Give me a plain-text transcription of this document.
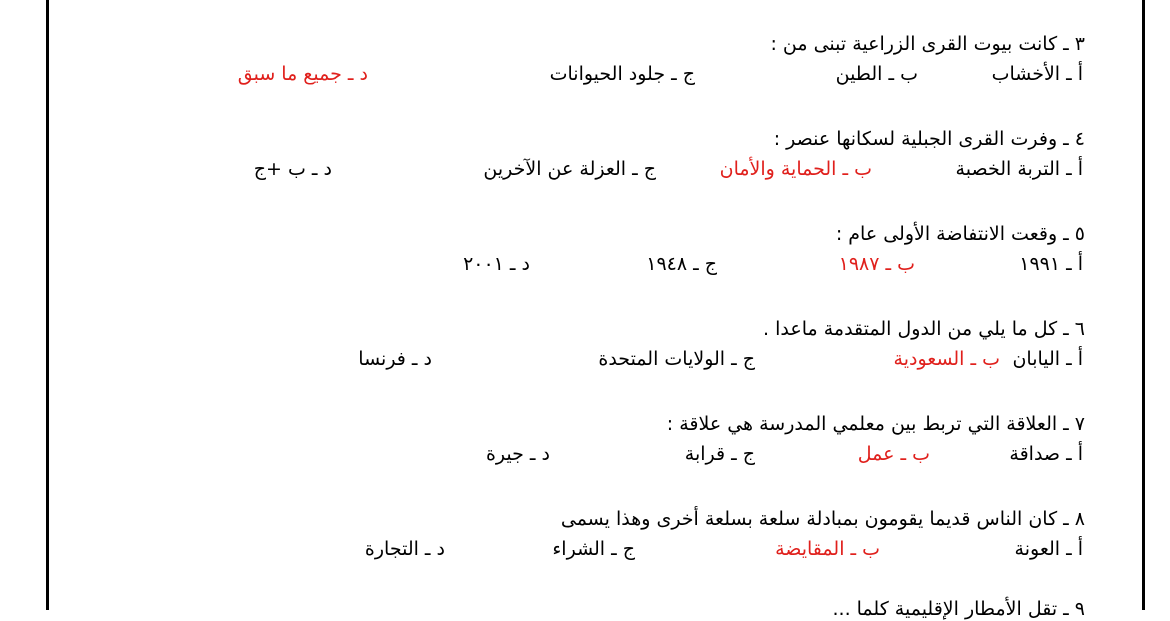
٣ ـ كانت بيوت القرى الزراعية تبنى من :
أ ـ الأخشاب
ب ـ الطين
ج ـ جلود الحيوانات
د ـ جميع ما سبق
٤ ـ وفرت القرى الجبلية لسكانها عنصر :
أ ـ التربة الخصبة
ب ـ الحماية والأمان
ج ـ العزلة عن الآخرين
د ـ ب +ج
٥ ـ وقعت الانتفاضة الأولى عام :
أ ـ ١٩٩١
ب ـ ١٩٨٧
ج ـ ١٩٤٨
د ـ ٢٠٠١
٦ ـ كل ما يلي من الدول المتقدمة ماعدا .
أ ـ اليابان
ب ـ السعودية
ج ـ الولايات المتحدة
د ـ فرنسا
٧ ـ العلاقة التي تربط بين معلمي المدرسة هي علاقة :
أ ـ صداقة
ب ـ عمل
ج ـ قرابة
د ـ جيرة
٨ ـ كان الناس قديما يقومون بمبادلة سلعة بسلعة أخرى وهذا يسمى
أ ـ العونة
ب ـ المقايضة
ج ـ الشراء
د ـ التجارة
٩ ـ تقل الأمطار الإقليمية كلما ...
